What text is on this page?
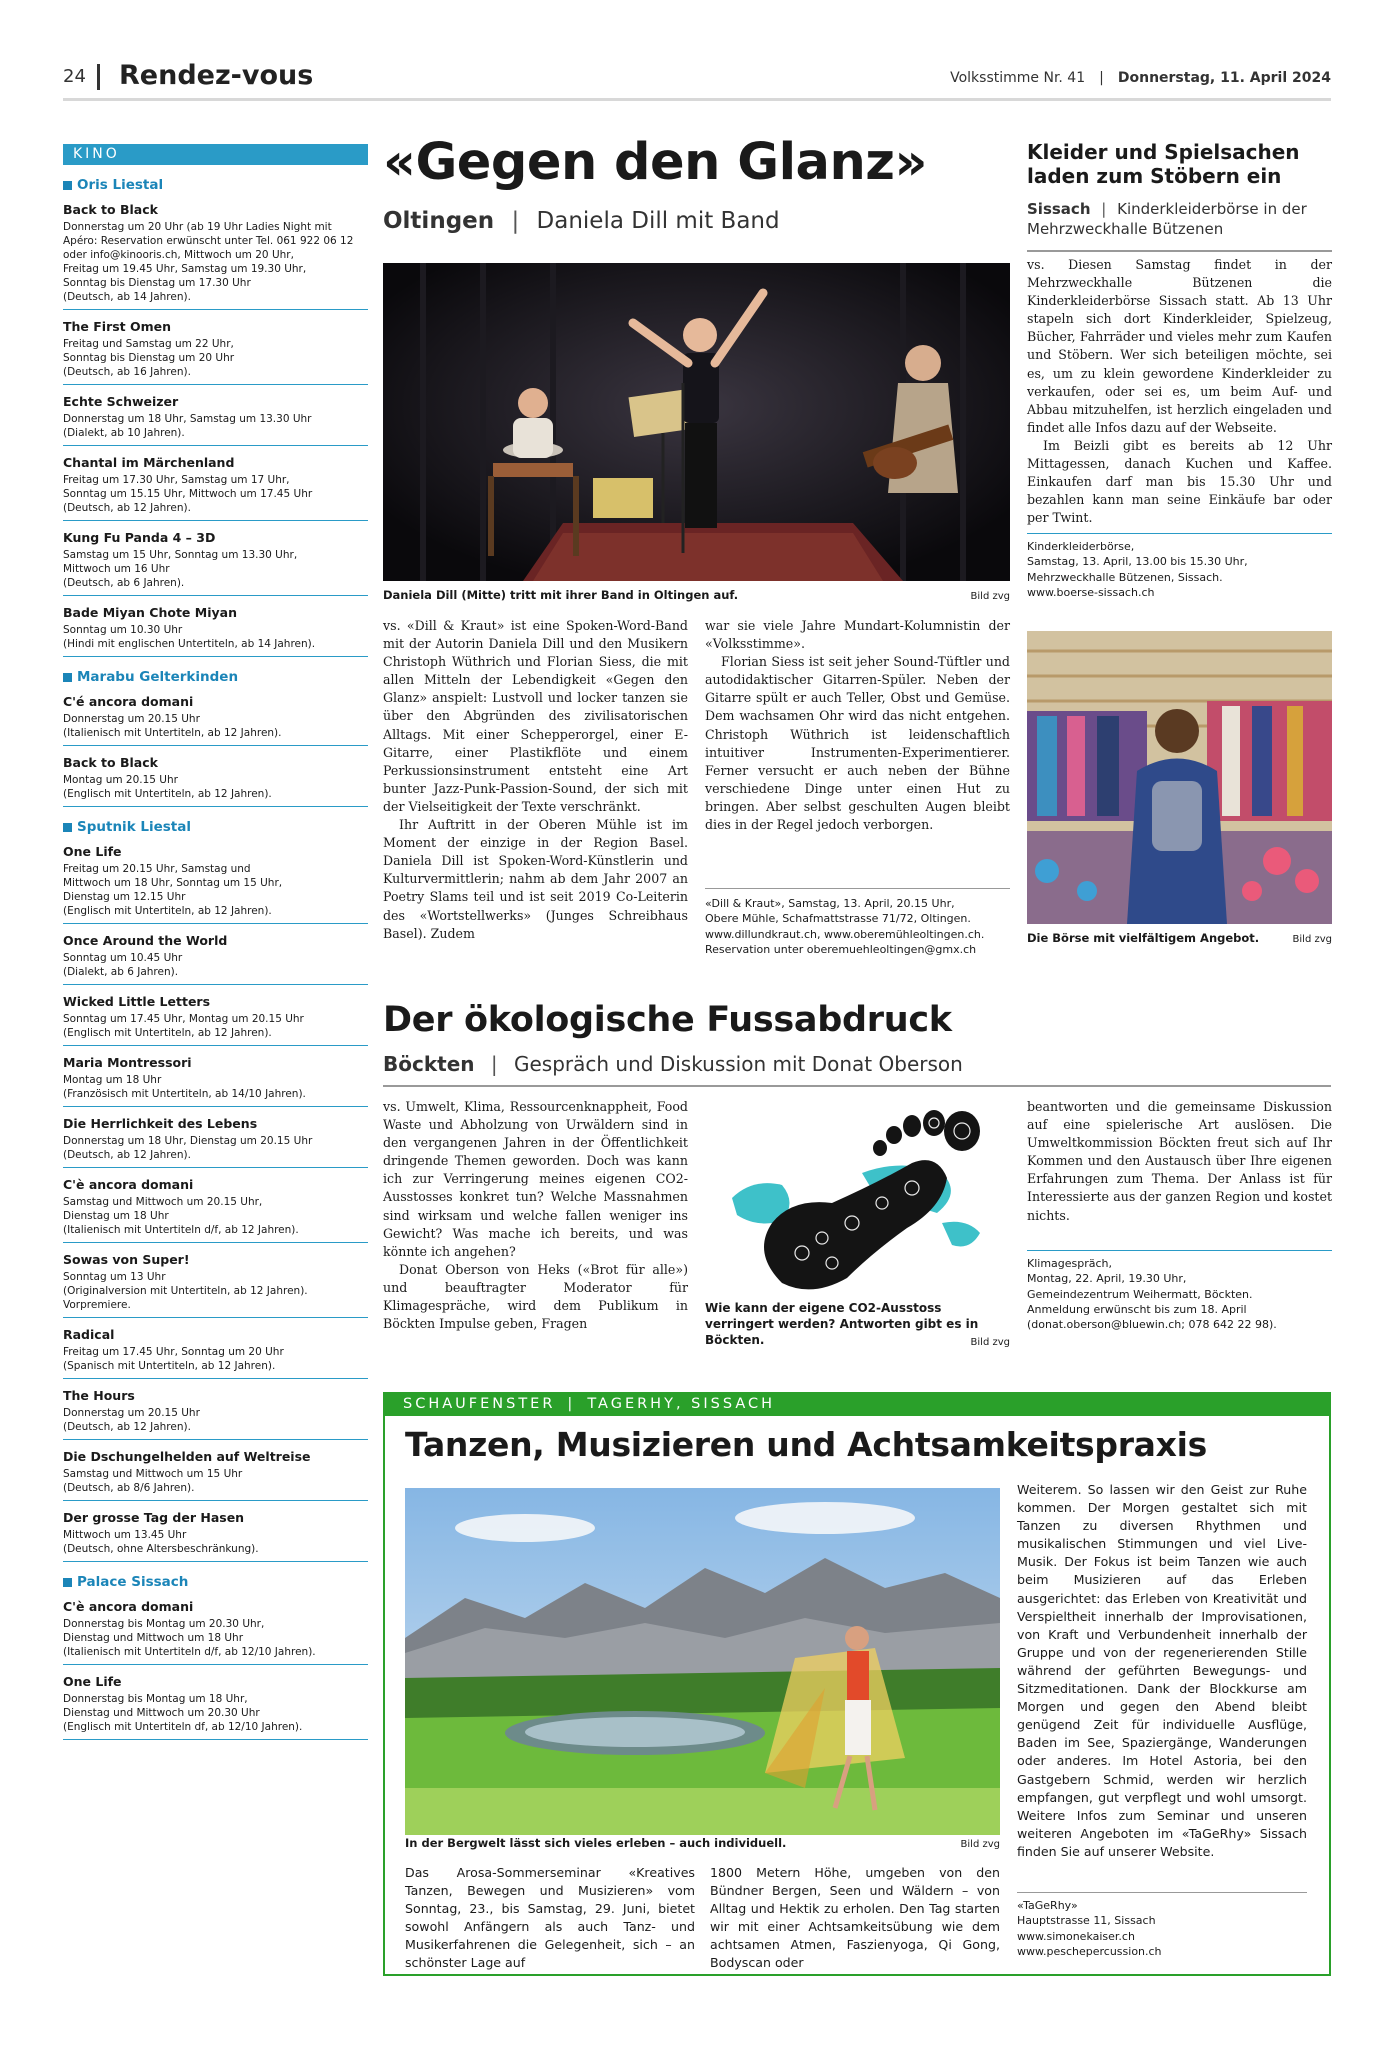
24 Rendez-vous	Volksstimme Nr. 41 | Donnerstag, 11. April 2024
KINO
Oris Liestal
Back to Black
Donnerstag um 20 Uhr (ab 19 Uhr Ladies Night mit
Apéro: Reservation erwünscht unter Tel. 061 922 06 12
oder info@kinooris.ch, Mittwoch um 20 Uhr,
Freitag um 19.45 Uhr, Samstag um 19.30 Uhr,
Sonntag bis Dienstag um 17.30 Uhr
(Deutsch, ab 14 Jahren).
The First Omen
Freitag und Samstag um 22 Uhr,
Sonntag bis Dienstag um 20 Uhr
(Deutsch, ab 16 Jahren).
Echte Schweizer
Donnerstag um 18 Uhr, Samstag um 13.30 Uhr
(Dialekt, ab 10 Jahren).
Chantal im Märchenland
Freitag um 17.30 Uhr, Samstag um 17 Uhr,
Sonntag um 15.15 Uhr, Mittwoch um 17.45 Uhr
(Deutsch, ab 12 Jahren).
Kung Fu Panda 4 – 3D
Samstag um 15 Uhr, Sonntag um 13.30 Uhr,
Mittwoch um 16 Uhr
(Deutsch, ab 6 Jahren).
Bade Miyan Chote Miyan
Sonntag um 10.30 Uhr
(Hindi mit englischen Untertiteln, ab 14 Jahren).
Marabu Gelterkinden
C'é ancora domani
Donnerstag um 20.15 Uhr
(Italienisch mit Untertiteln, ab 12 Jahren).
Back to Black
Montag um 20.15 Uhr
(Englisch mit Untertiteln, ab 12 Jahren).
Sputnik Liestal
One Life
Freitag um 20.15 Uhr, Samstag und
Mittwoch um 18 Uhr, Sonntag um 15 Uhr,
Dienstag um 12.15 Uhr
(Englisch mit Untertiteln, ab 12 Jahren).
Once Around the World
Sonntag um 10.45 Uhr
(Dialekt, ab 6 Jahren).
Wicked Little Letters
Sonntag um 17.45 Uhr, Montag um 20.15 Uhr
(Englisch mit Untertiteln, ab 12 Jahren).
Maria Montressori
Montag um 18 Uhr
(Französisch mit Untertiteln, ab 14/10 Jahren).
Die Herrlichkeit des Lebens
Donnerstag um 18 Uhr, Dienstag um 20.15 Uhr
(Deutsch, ab 12 Jahren).
C'è ancora domani
Samstag und Mittwoch um 20.15 Uhr,
Dienstag um 18 Uhr
(Italienisch mit Untertiteln d/f, ab 12 Jahren).
Sowas von Super!
Sonntag um 13 Uhr
(Originalversion mit Untertiteln, ab 12 Jahren).
Vorpremiere.
Radical
Freitag um 17.45 Uhr, Sonntag um 20 Uhr
(Spanisch mit Untertiteln, ab 12 Jahren).
The Hours
Donnerstag um 20.15 Uhr
(Deutsch, ab 12 Jahren).
Die Dschungelhelden auf Weltreise
Samstag und Mittwoch um 15 Uhr
(Deutsch, ab 8/6 Jahren).
Der grosse Tag der Hasen
Mittwoch um 13.45 Uhr
(Deutsch, ohne Altersbeschränkung).
Palace Sissach
C'è ancora domani
Donnerstag bis Montag um 20.30 Uhr,
Dienstag und Mittwoch um 18 Uhr
(Italienisch mit Untertiteln d/f, ab 12/10 Jahren).
One Life
Donnerstag bis Montag um 18 Uhr,
Dienstag und Mittwoch um 20.30 Uhr
(Englisch mit Untertiteln df, ab 12/10 Jahren).
«Gegen den Glanz»
Oltingen | Daniela Dill mit Band
Daniela Dill (Mitte) tritt mit ihrer Band in Oltingen auf.	Bild zvg

vs. «Dill & Kraut» ist eine Spoken-Word-Band mit der Autorin Daniela Dill und den Musikern Christoph Wüthrich und Florian Siess, die mit allen Mitteln der Lebendigkeit «Gegen den Glanz» anspielt: Lustvoll und locker tanzen sie über den Abgründen des zivilisatorischen Alltags. Mit einer Schepperorgel, einer E-Gitarre, einer Plastikflöte und einem Perkussionsinstrument entsteht eine Art bunter Jazz-Punk-Passion-Sound, der sich mit der Vielseitigkeit der Texte verschränkt.

Ihr Auftritt in der Oberen Mühle ist im Moment der einzige in der Region Basel. Daniela Dill ist Spoken-Word-Künstlerin und Kulturvermittlerin; nahm ab dem Jahr 2007 an Poetry Slams teil und ist seit 2019 Co-Leiterin des «Wortstellwerks» (Junges Schreibhaus Basel). Zudem

war sie viele Jahre Mundart-Kolumnistin der «Volksstimme».

Florian Siess ist seit jeher Sound-Tüftler und autodidaktischer Gitarren-Spüler. Neben der Gitarre spült er auch Teller, Obst und Gemüse. Dem wachsamen Ohr wird das nicht entgehen. Christoph Wüthrich ist leidenschaftlich intuitiver Instrumenten-Experimentierer. Ferner versucht er auch neben der Bühne verschiedene Dinge unter einen Hut zu bringen. Aber selbst geschulten Augen bleibt dies in der Regel jedoch verborgen.

«Dill & Kraut», Samstag, 13. April, 20.15 Uhr,
Obere Mühle, Schafmattstrasse 71/72, Oltingen.
www.dillundkraut.ch, www.oberemühleoltingen.ch.
Reservation unter oberemuehleoltingen@gmx.ch
Kleider und Spielsachen laden zum Stöbern ein
Sissach | Kinderkleiderbörse in der Mehrzweckhalle Bützenen

vs. Diesen Samstag findet in der Mehrzweckhalle Bützenen die Kinderkleiderbörse Sissach statt. Ab 13 Uhr stapeln sich dort Kinderkleider, Spielzeug, Bücher, Fahrräder und vieles mehr zum Kaufen und Stöbern. Wer sich beteiligen möchte, sei es, um zu klein gewordene Kinderkleider zu verkaufen, oder sei es, um beim Auf- und Abbau mitzuhelfen, ist herzlich eingeladen und findet alle Infos dazu auf der Webseite.

Im Beizli gibt es bereits ab 12 Uhr Mittagessen, danach Kuchen und Kaffee. Einkaufen darf man bis 15.30 Uhr und bezahlen kann man seine Einkäufe bar oder per Twint.

Kinderkleiderbörse,
Samstag, 13. April, 13.00 bis 15.30 Uhr,
Mehrzweckhalle Bützenen, Sissach.
www.boerse-sissach.ch
Die Börse mit vielfältigem Angebot.	Bild zvg
Der ökologische Fussabdruck
Böckten | Gespräch und Diskussion mit Donat Oberson

vs. Umwelt, Klima, Ressourcenknappheit, Food Waste und Abholzung von Urwäldern sind in den vergangenen Jahren in der Öffentlichkeit dringende Themen geworden. Doch was kann ich zur Verringerung meines eigenen CO2-Ausstosses konkret tun? Welche Massnahmen sind wirksam und welche fallen weniger ins Gewicht? Was mache ich bereits, und was könnte ich angehen?

Donat Oberson von Heks («Brot für alle») und beauftragter Moderator für Klimagespräche, wird dem Publikum in Böckten Impulse geben, Fragen

Wie kann der eigene CO2-Ausstoss verringert werden? Antworten gibt es in Böckten.	Bild zvg

beantworten und die gemeinsame Diskussion auf eine spielerische Art auslösen. Die Umweltkommission Böckten freut sich auf Ihr Kommen und den Austausch über Ihre eigenen Erfahrungen zum Thema. Der Anlass ist für Interessierte aus der ganzen Region und kostet nichts.

Klimagespräch,
Montag, 22. April, 19.30 Uhr,
Gemeindezentrum Weihermatt, Böckten.
Anmeldung erwünscht bis zum 18. April
(donat.oberson@bluewin.ch; 078 642 22 98).
SCHAUFENSTER | TAGERHY, SISSACH
Tanzen, Musizieren und Achtsamkeitspraxis
In der Bergwelt lässt sich vieles erleben – auch individuell.	Bild zvg
Das Arosa-Sommerseminar «Kreatives Tanzen, Bewegen und Musizieren» vom Sonntag, 23., bis Samstag, 29. Juni, bietet sowohl Anfängern als auch Tanz- und Musikerfahrenen die Gelegenheit, sich – an schönster Lage auf
1800 Metern Höhe, umgeben von den Bündner Bergen, Seen und Wäldern – von Alltag und Hektik zu erholen. Den Tag starten wir mit einer Achtsamkeitsübung wie dem achtsamen Atmen, Faszienyoga, Qi Gong, Bodyscan oder
Weiterem. So lassen wir den Geist zur Ruhe kommen. Der Morgen gestaltet sich mit Tanzen zu diversen Rhythmen und musikalischen Stimmungen und viel Live-Musik. Der Fokus ist beim Tanzen wie auch beim Musizieren auf das Erleben ausgerichtet: das Erleben von Kreativität und Verspieltheit innerhalb der Improvisationen, von Kraft und Verbundenheit innerhalb der Gruppe und von der regenerierenden Stille während der geführten Bewegungs- und Sitzmeditationen. Dank der Blockkurse am Morgen und gegen den Abend bleibt genügend Zeit für individuelle Ausflüge, Baden im See, Spaziergänge, Wanderungen oder anderes. Im Hotel Astoria, bei den Gastgebern Schmid, werden wir herzlich empfangen, gut verpflegt und wohl umsorgt. Weitere Infos zum Seminar und unseren weiteren Angeboten im «TaGeRhy» Sissach finden Sie auf unserer Website.
«TaGeRhy»
Hauptstrasse 11, Sissach
www.simonekaiser.ch
www.peschepercussion.ch
